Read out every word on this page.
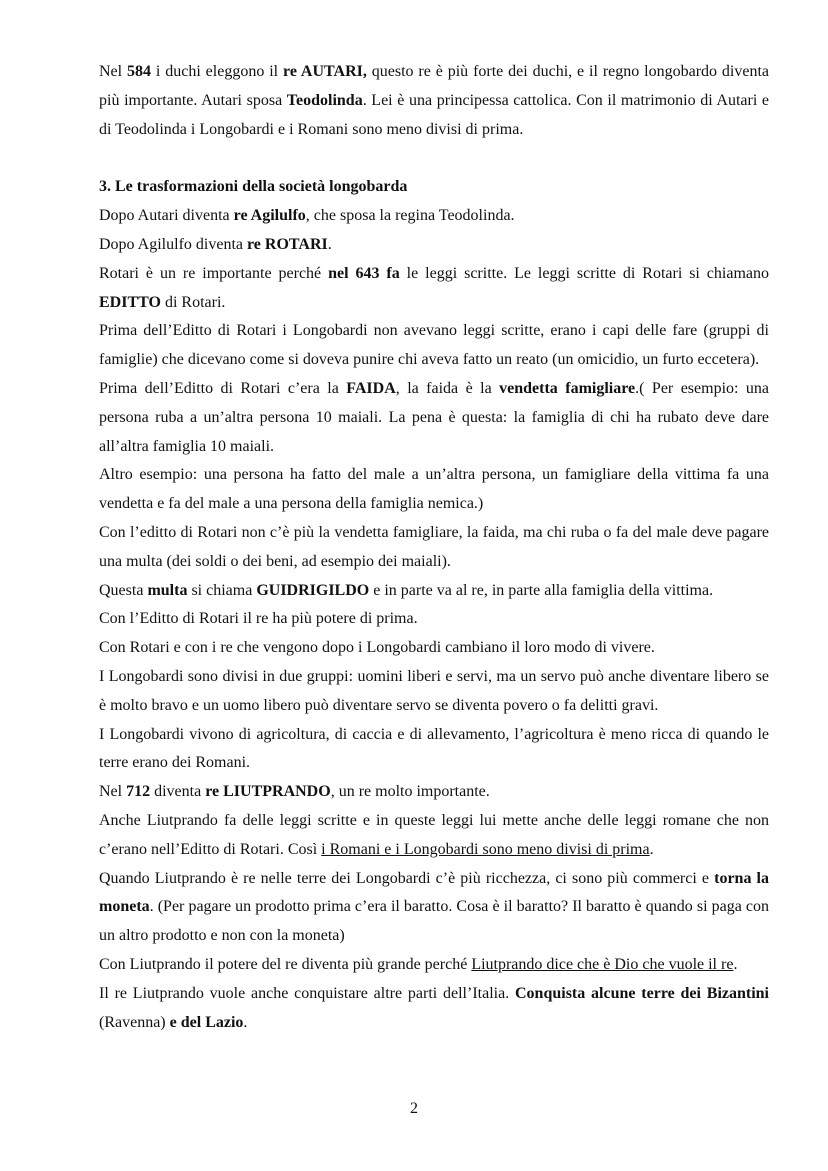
Nel 584 i duchi eleggono il re AUTARI, questo re è più forte dei duchi, e il regno longobardo diventa più importante. Autari sposa Teodolinda. Lei è una principessa cattolica. Con il matrimonio di Autari e di Teodolinda i Longobardi e i Romani sono meno divisi di prima.

3. Le trasformazioni della società longobarda

Dopo Autari diventa re Agilulfo, che sposa la regina Teodolinda.

Dopo Agilulfo diventa re ROTARI.

Rotari è un re importante perché nel 643 fa le leggi scritte. Le leggi scritte di Rotari si chiamano EDITTO di Rotari.

Prima dell’Editto di Rotari i Longobardi non avevano leggi scritte, erano i capi delle fare (gruppi di famiglie) che dicevano come si doveva punire chi aveva fatto un reato (un omicidio, un furto eccetera).

Prima dell’Editto di Rotari c’era la FAIDA, la faida è la vendetta famigliare.( Per esempio: una persona ruba a un’altra persona 10 maiali. La pena è questa: la famiglia di chi ha rubato deve dare all’altra famiglia 10 maiali.

Altro esempio: una persona ha fatto del male a un’altra persona, un famigliare della vittima fa una vendetta e fa del male a una persona della famiglia nemica.)

Con l’editto di Rotari non c’è più la vendetta famigliare, la faida, ma chi ruba o fa del male deve pagare una multa (dei soldi o dei beni, ad esempio dei maiali).

Questa multa si chiama GUIDRIGILDO e in parte va al re, in parte alla famiglia della vittima.

Con l’Editto di Rotari il re ha più potere di prima.

Con Rotari e con i re che vengono dopo i Longobardi cambiano il loro modo di vivere.

I Longobardi sono divisi in due gruppi: uomini liberi e servi, ma un servo può anche diventare libero se è molto bravo e un uomo libero può diventare servo se diventa povero o fa delitti gravi.

I Longobardi vivono di agricoltura, di caccia e di allevamento, l’agricoltura è meno ricca di quando le terre erano dei Romani.

Nel 712 diventa re LIUTPRANDO, un re molto importante.

Anche Liutprando fa delle leggi scritte e in queste leggi lui mette anche delle leggi romane che non c’erano nell’Editto di Rotari. Così i Romani e i Longobardi sono meno divisi di prima.

Quando Liutprando è re nelle terre dei Longobardi c’è più ricchezza, ci sono più commerci e torna la moneta. (Per pagare un prodotto prima c’era il baratto. Cosa è il baratto? Il baratto è quando si paga con un altro prodotto e non con la moneta)

Con Liutprando il potere del re diventa più grande perché Liutprando dice che è Dio che vuole il re.

Il re Liutprando vuole anche conquistare altre parti dell’Italia. Conquista alcune terre dei Bizantini (Ravenna) e del Lazio.

2
